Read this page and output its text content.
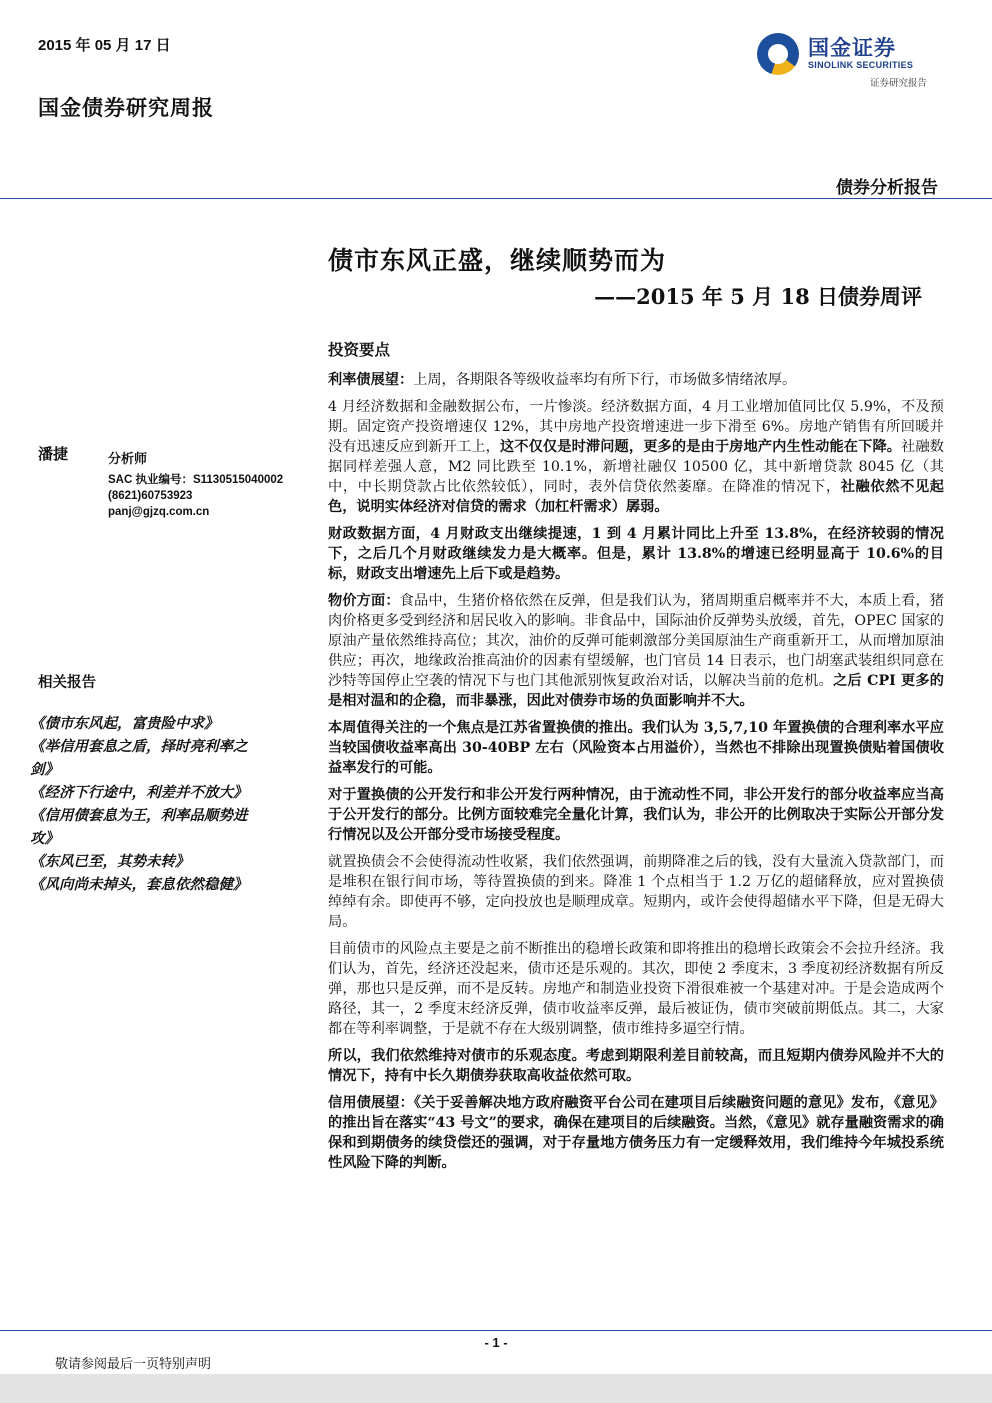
2015 年 05 月 17 日
国金债券研究周报
国金证券
SINOLINK SECURITIES
证券研究报告
债券分析报告
债市东风正盛，继续顺势而为
——2015 年 5 月 18 日债券周评
潘捷	分析师
SAC 执业编号：S1130515040002
(8621)60753923
panj@gjzq.com.cn
相关报告
《债市东风起，富贵险中求》
《举信用套息之盾，择时亮利率之
剑》
《经济下行途中，利差并不放大》
《信用债套息为王，利率品顺势进
攻》
《东风已至，其势未转》
《风向尚未掉头，套息依然稳健》
投资要点

利率债展望：上周，各期限各等级收益率均有所下行，市场做多情绪浓厚。

4 月经济数据和金融数据公布，一片惨淡。经济数据方面，4 月工业增加值同比仅 5.9%，不及预期。固定资产投资增速仅 12%，其中房地产投资增速进一步下滑至 6%。房地产销售有所回暖并没有迅速反应到新开工上，这不仅仅是时滞问题，更多的是由于房地产内生性动能在下降。社融数据同样差强人意，M2 同比跌至 10.1%，新增社融仅 10500 亿，其中新增贷款 8045 亿（其中，中长期贷款占比依然较低），同时，表外信贷依然萎靡。在降准的情况下，社融依然不见起色，说明实体经济对信贷的需求（加杠杆需求）孱弱。

财政数据方面，4 月财政支出继续提速，1 到 4 月累计同比上升至 13.8%，在经济较弱的情况下，之后几个月财政继续发力是大概率。但是，累计 13.8%的增速已经明显高于 10.6%的目标，财政支出增速先上后下或是趋势。

物价方面：食品中，生猪价格依然在反弹，但是我们认为，猪周期重启概率并不大，本质上看，猪肉价格更多受到经济和居民收入的影响。非食品中，国际油价反弹势头放缓，首先，OPEC 国家的原油产量依然维持高位；其次，油价的反弹可能刺激部分美国原油生产商重新开工，从而增加原油供应；再次，地缘政治推高油价的因素有望缓解，也门官员 14 日表示，也门胡塞武装组织同意在沙特等国停止空袭的情况下与也门其他派别恢复政治对话，以解决当前的危机。之后 CPI 更多的是相对温和的企稳，而非暴涨，因此对债券市场的负面影响并不大。

本周值得关注的一个焦点是江苏省置换债的推出。我们认为 3,5,7,10 年置换债的合理利率水平应当较国债收益率高出 30-40BP 左右（风险资本占用溢价），当然也不排除出现置换债贴着国债收益率发行的可能。

对于置换债的公开发行和非公开发行两种情况，由于流动性不同，非公开发行的部分收益率应当高于公开发行的部分。比例方面较难完全量化计算，我们认为，非公开的比例取决于实际公开部分发行情况以及公开部分受市场接受程度。

就置换债会不会使得流动性收紧，我们依然强调，前期降准之后的钱，没有大量流入贷款部门，而是堆积在银行间市场，等待置换债的到来。降准 1 个点相当于 1.2 万亿的超储释放，应对置换债绰绰有余。即使再不够，定向投放也是顺理成章。短期内，或许会使得超储水平下降，但是无碍大局。

目前债市的风险点主要是之前不断推出的稳增长政策和即将推出的稳增长政策会不会拉升经济。我们认为，首先，经济还没起来，债市还是乐观的。其次，即使 2 季度末，3 季度初经济数据有所反弹，那也只是反弹，而不是反转。房地产和制造业投资下滑很难被一个基建对冲。于是会造成两个路径，其一，2 季度末经济反弹，债市收益率反弹，最后被证伪，债市突破前期低点。其二，大家都在等利率调整，于是就不存在大级别调整，债市维持多逼空行情。

所以，我们依然维持对债市的乐观态度。考虑到期限利差目前较高，而且短期内债券风险并不大的情况下，持有中长久期债券获取高收益依然可取。

信用债展望：《关于妥善解决地方政府融资平台公司在建项目后续融资问题的意见》发布，《意见》的推出旨在落实“43 号文”的要求，确保在建项目的后续融资。当然，《意见》就存量融资需求的确保和到期债务的续贷偿还的强调，对于存量地方债务压力有一定缓释效用，我们维持今年城投系统性风险下降的判断。

- 1 -
敬请参阅最后一页特别声明
